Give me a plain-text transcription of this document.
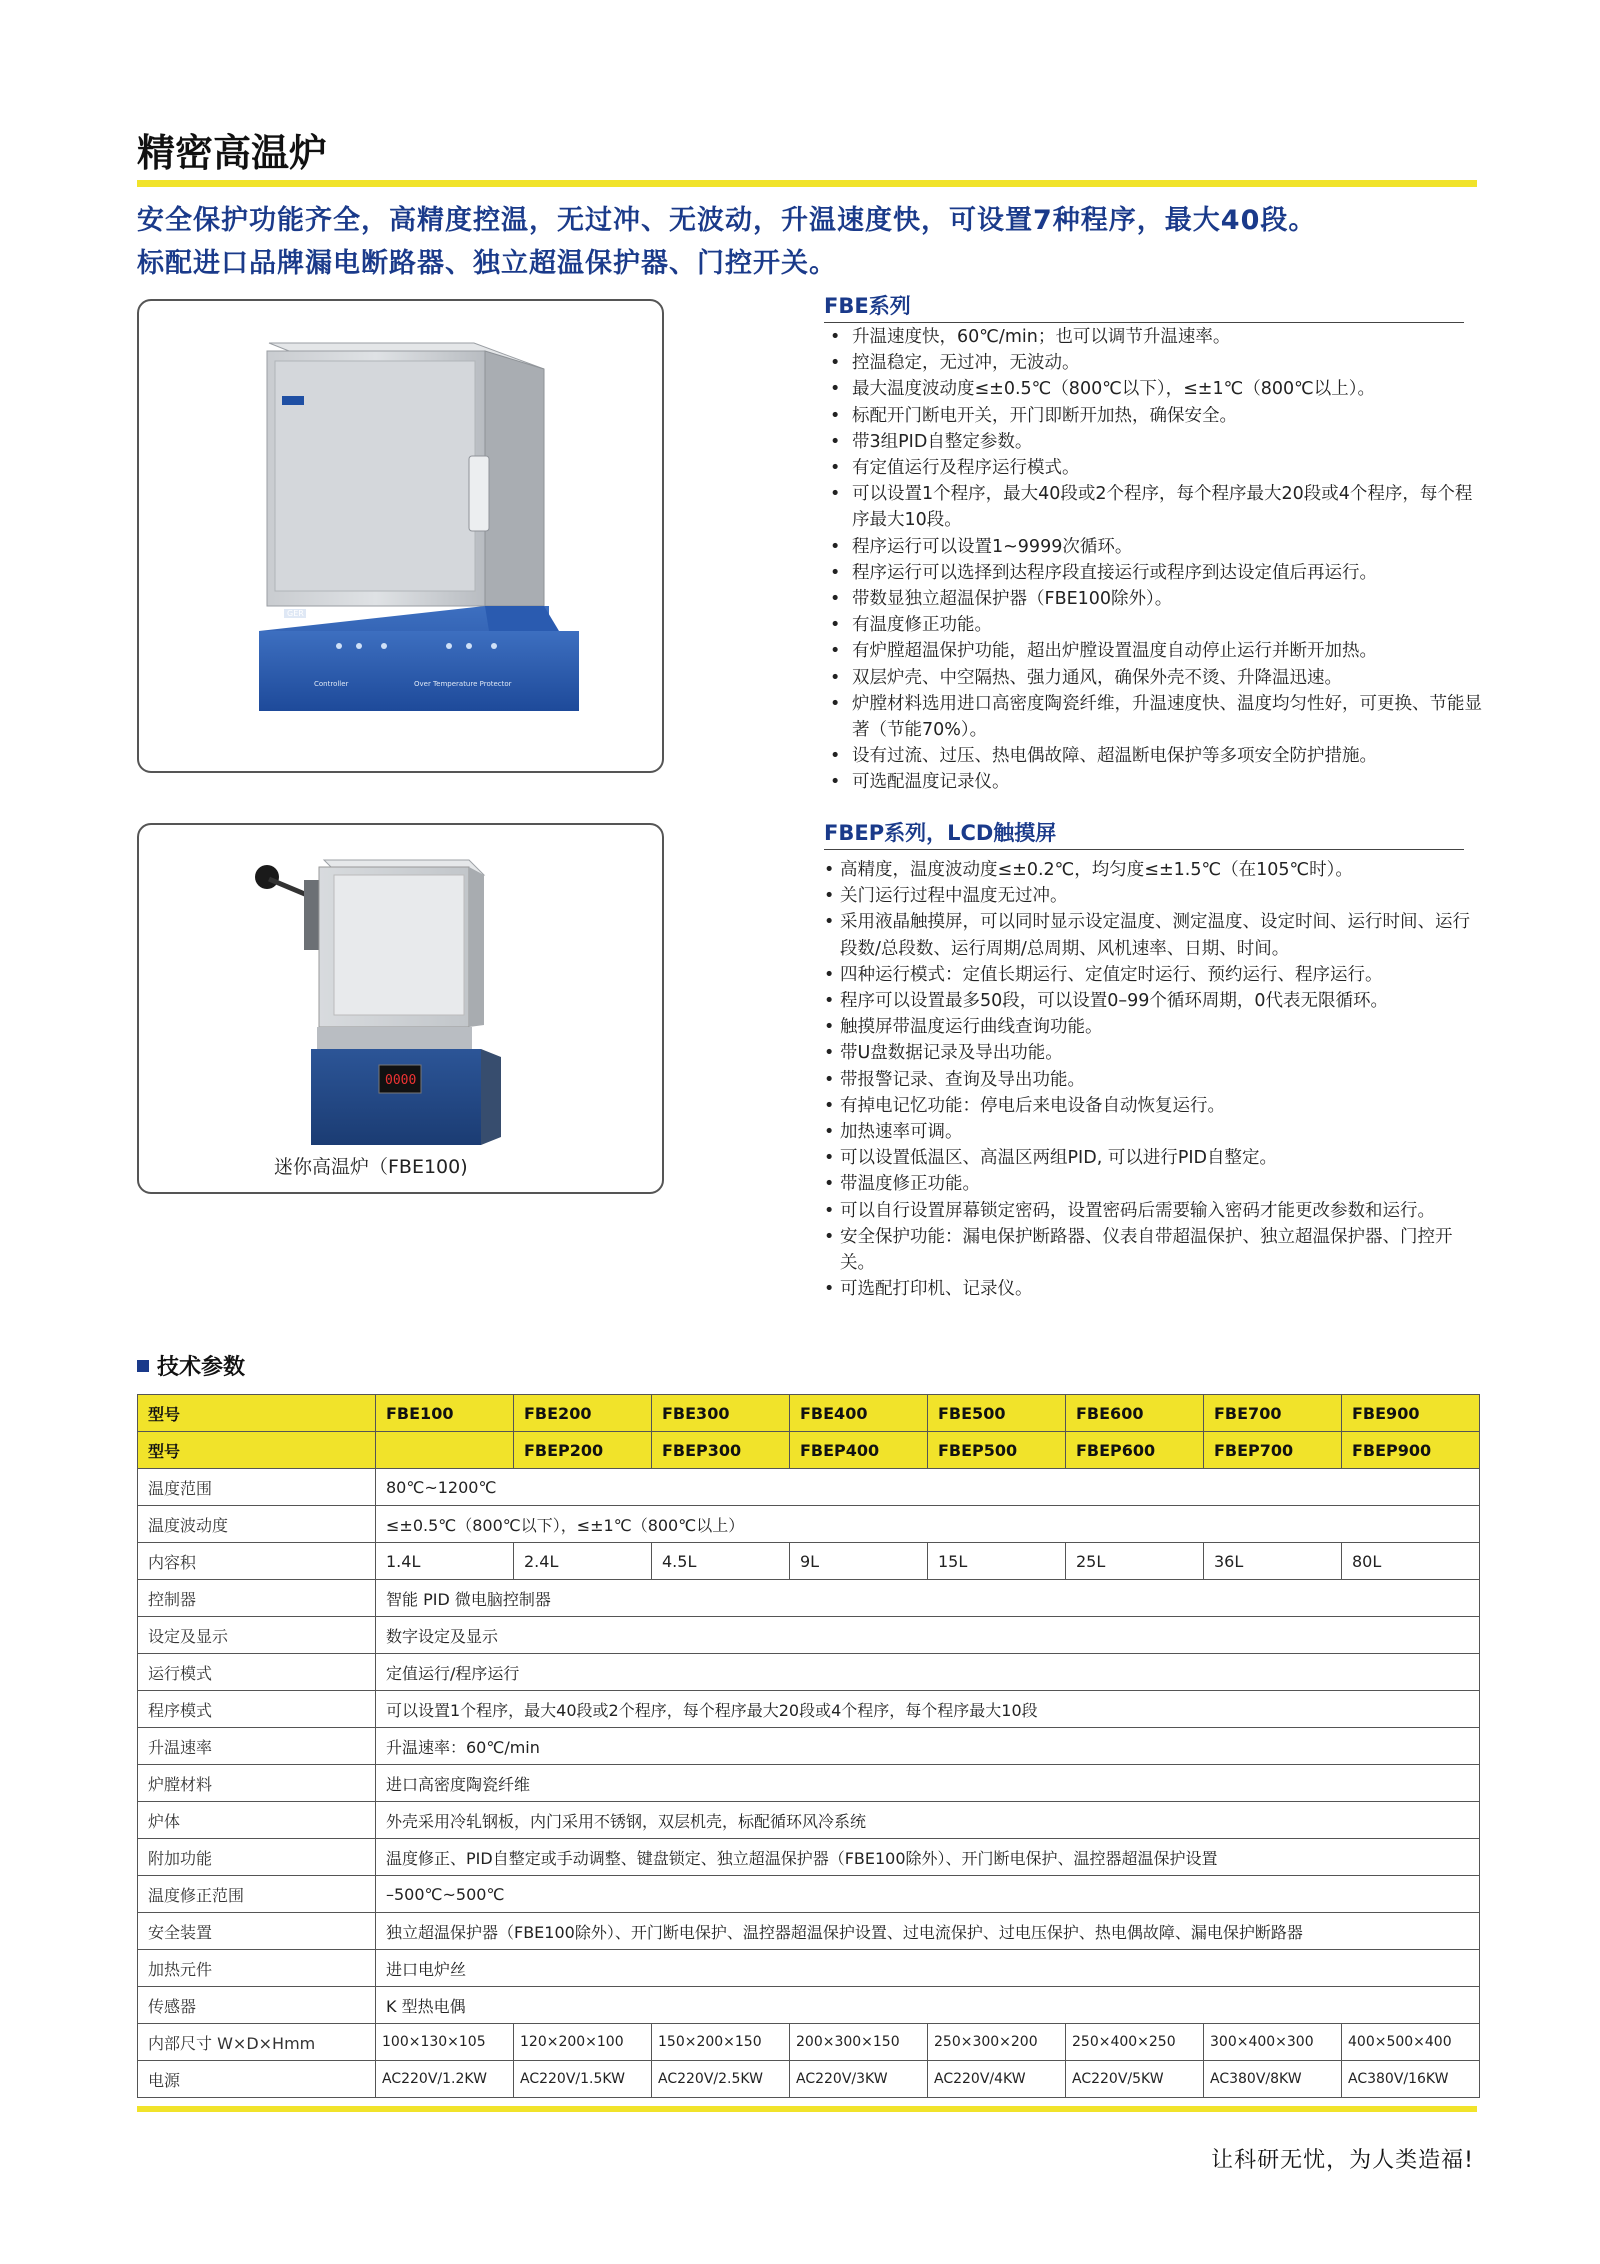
精密高温炉
安全保护功能齐全，高精度控温，无过冲、无波动，升温速度快，可设置7种程序，最大40段。
标配进口品牌漏电断路器、独立超温保护器、门控开关。
GER 格恩
Controller	Over Temperature Protector
0000
迷你高温炉（FBE100)
FBE系列
• 升温速度快，60℃/min；也可以调节升温速率。
• 控温稳定，无过冲，无波动。
• 最大温度波动度≤±0.5℃（800℃以下），≤±1℃（800℃以上）。
• 标配开门断电开关，开门即断开加热，确保安全。
• 带3组PID自整定参数。
• 有定值运行及程序运行模式。
• 可以设置1个程序，最大40段或2个程序，每个程序最大20段或4个程序，每个程序最大10段。
• 程序运行可以设置1~9999次循环。
• 程序运行可以选择到达程序段直接运行或程序到达设定值后再运行。
• 带数显独立超温保护器（FBE100除外）。
• 有温度修正功能。
• 有炉膛超温保护功能，超出炉膛设置温度自动停止运行并断开加热。
• 双层炉壳、中空隔热、强力通风，确保外壳不烫、升降温迅速。
• 炉膛材料选用进口高密度陶瓷纤维，升温速度快、温度均匀性好，可更换、节能显著（节能70%）。
• 设有过流、过压、热电偶故障、超温断电保护等多项安全防护措施。
• 可选配温度记录仪。
FBEP系列，LCD触摸屏
• 高精度，温度波动度≤±0.2℃，均匀度≤±1.5℃（在105℃时）。
• 关门运行过程中温度无过冲。
• 采用液晶触摸屏，可以同时显示设定温度、测定温度、设定时间、运行时间、运行段数/总段数、运行周期/总周期、风机速率、日期、时间。
• 四种运行模式：定值长期运行、定值定时运行、预约运行、程序运行。
• 程序可以设置最多50段，可以设置0–99个循环周期，0代表无限循环。
• 触摸屏带温度运行曲线查询功能。
• 带U盘数据记录及导出功能。
• 带报警记录、查询及导出功能。
• 有掉电记忆功能：停电后来电设备自动恢复运行。
• 加热速率可调。
• 可以设置低温区、高温区两组PID, 可以进行PID自整定。
• 带温度修正功能。
• 可以自行设置屏幕锁定密码，设置密码后需要输入密码才能更改参数和运行。
• 安全保护功能：漏电保护断路器、仪表自带超温保护、独立超温保护器、门控开关。
• 可选配打印机、记录仪。
技术参数
型号	FBE100	FBE200	FBE300	FBE400	FBE500	FBE600	FBE700	FBE900
型号		FBEP200	FBEP300	FBEP400	FBEP500	FBEP600	FBEP700	FBEP900
温度范围	80℃~1200℃							
温度波动度	≤±0.5℃（800℃以下），≤±1℃（800℃以上）							
内容积	1.4L	2.4L	4.5L	9L	15L	25L	36L	80L
控制器	智能 PID 微电脑控制器							
设定及显示	数字设定及显示							
运行模式	定值运行/程序运行							
程序模式	可以设置1个程序，最大40段或2个程序，每个程序最大20段或4个程序，每个程序最大10段							
升温速率	升温速率：60℃/min							
炉膛材料	进口高密度陶瓷纤维							
炉体	外壳采用冷轧钢板，内门采用不锈钢，双层机壳，标配循环风冷系统							
附加功能	温度修正、PID自整定或手动调整、键盘锁定、独立超温保护器（FBE100除外）、开门断电保护、温控器超温保护设置							
温度修正范围	–500℃~500℃							
安全装置	独立超温保护器（FBE100除外）、开门断电保护、温控器超温保护设置、过电流保护、过电压保护、热电偶故障、漏电保护断路器							
加热元件	进口电炉丝							
传感器	K 型热电偶							
内部尺寸 W×D×Hmm	100×130×105	120×200×100	150×200×150	200×300×150	250×300×200	250×400×250	300×400×300	400×500×400
电源	AC220V/1.2KW	AC220V/1.5KW	AC220V/2.5KW	AC220V/3KW	AC220V/4KW	AC220V/5KW	AC380V/8KW	AC380V/16KW
让科研无忧，为人类造福!
